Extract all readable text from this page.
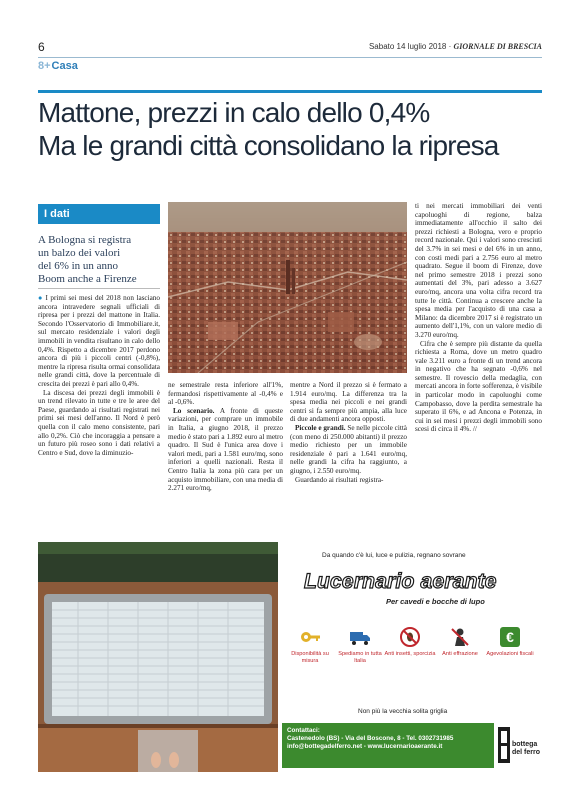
6	Sabato 14 luglio 2018 · GIORNALE DI BRESCIA
8+Casa
Mattone, prezzi in calo dello 0,4%
Ma le grandi città consolidano la ripresa
I dati
A Bologna si registra
un balzo dei valori
del 6% in un anno
Boom anche a Firenze

● I primi sei mesi del 2018 non lasciano ancora intravedere segnali ufficiali di ripresa per i prezzi del mattone in Italia. Secondo l'Osservatorio di Immobiliare.it, sul mercato residenziale i valori degli immobili in vendita risultano in calo dello 0,4%. Rispetto a dicembre 2017 perdono ancora di più i piccoli centri (-0,8%), mentre la ripresa risulta ormai consolidata nelle grandi città, dove la percentuale di crescita dei prezzi è pari allo 0,4%.

La discesa dei prezzi degli immobili è un trend rilevato in tutte e tre le aree del Paese, guardando ai risultati registrati nei primi sei mesi dell'anno. Il Nord è però quella con il calo meno consistente, pari allo 0,2%. Ciò che incoraggia a pensare a un futuro più roseo sono i dati relativi a Centro e Sud, dove la diminuzio-

ne semestrale resta inferiore all'1%, fermandosi rispettivamente al -0,4% e al -0,6%.

Lo scenario. A fronte di queste variazioni, per comprare un immobile in Italia, a giugno 2018, il prezzo medio è stato pari a 1.892 euro al metro quadro. Il Sud è l'unica area dove i valori medi, pari a 1.581 euro/mq, sono inferiori a quelli nazionali. Resta il Centro Italia la zona più cara per un acquisto immobiliare, con una media di 2.271 euro/mq,

mentre a Nord il prezzo si è fermato a 1.914 euro/mq. La differenza tra la spesa media nei piccoli e nei grandi centri si fa sempre più ampia, alla luce di due andamenti ancora opposti.

Piccole e grandi. Se nelle piccole città (con meno di 250.000 abitanti) il prezzo medio richiesto per un immobile residenziale è pari a 1.641 euro/mq, nelle grandi la cifra ha raggiunto, a giugno, i 2.550 euro/mq.

Guardando ai risultati registra-

ti nei mercati immobiliari dei venti capoluoghi di regione, balza immediatamente all'occhio il salto dei prezzi richiesti a Bologna, vero e proprio record nazionale. Qui i valori sono cresciuti del 3.7% in sei mesi e del 6% in un anno, con costi medi pari a 2.756 euro al metro quadrato. Segue il boom di Firenze, dove nel primo semestre 2018 i prezzi sono aumentati del 3%, pari adesso a 3.627 euro/mq, ancora una volta cifra record tra tutte le città. Continua a crescere anche la spesa media per l'acquisto di una casa a Milano: da dicembre 2017 si è registrato un aumento dell'1,1%, con un valore medio di 3.270 euro/mq.

Cifra che è sempre più distante da quella richiesta a Roma, dove un metro quadro vale 3.211 euro a fronte di un trend ancora in negativo che ha segnato -0,6% nel semestre. Il rovescio della medaglia, con mercati ancora in forte sofferenza, è visibile in particolar modo in capoluoghi come Campobasso, dove la perdita semestrale ha superato il 6%, e ad Ancona e Potenza, in cui in sei mesi i prezzi degli immobili sono scesi di circa il 4%. //

Da quando c'è lui, luce e pulizia, regnano sovrane
Lucernario aerante
Per cavedi e bocche di lupo
Disponibilità su misura
Spediamo in tutta Italia
Anti insetti, sporcizia	Anti effrazione
€
Agevolazioni fiscali
Non più la vecchia solita griglia
Contattaci:
Castenedolo (BS) - Via del Boscone, 8 - Tel. 0302731985
info@bottegadelferro.net - www.lucernarioaerante.it	bottega
del ferro
